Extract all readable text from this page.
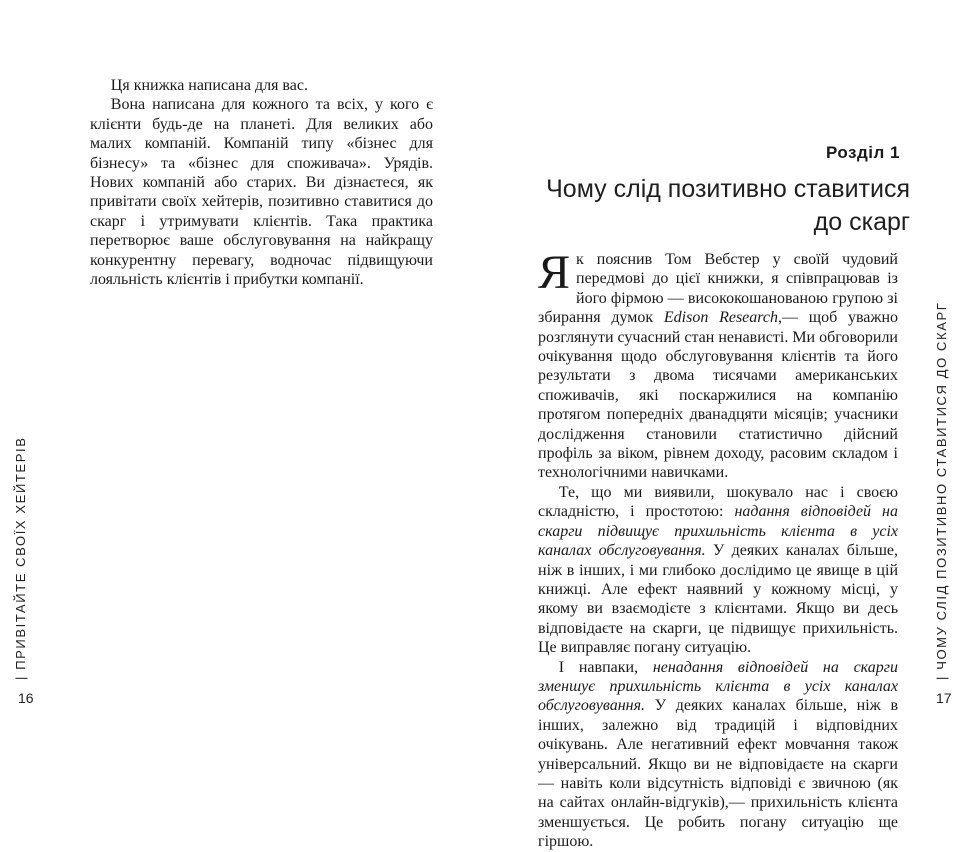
Ця книжка написана для вас.

Вона написана для кожного та всіх, у кого є клієнти будь-де на планеті. Для великих або малих компаній. Компаній типу «бізнес для бізнесу» та «бізнес для споживача». Урядів. Нових компаній або старих. Ви дізнаєтеся, як привітати своїх хейтерів, позитивно ставитися до скарг і утримувати клієнтів. Така практика перетворює ваше обслуговування на найкращу конкурентну перевагу, водночас підвищуючи лояльність клієнтів і прибутки компанії.

| ПРИВІТАЙТЕ СВОЇХ ХЕЙТЕРІВ
16
Розділ 1
Чому слід позитивно ставитися до скарг

Як пояснив Том Вебстер у своїй чудовий передмові до цієї книжки, я співпрацював із його фірмою — висококошанованою групою зі збирання думок Edison Research,— щоб уважно розглянути сучасний стан ненависті. Ми обговорили очікування щодо обслуговування клієнтів та його результати з двома тисячами американських споживачів, які поскаржилися на компанію протягом попередніх дванадцяти місяців; учасники дослідження становили статистично дійсний профіль за віком, рівнем доходу, расовим складом і технологічними навичками.

Те, що ми виявили, шокувало нас і своєю складністю, і простотою: надання відповідей на скарги підвищує прихильність клієнта в усіх каналах обслуговування. У деяких каналах більше, ніж в інших, і ми глибоко дослідимо це явище в цій книжці. Але ефект наявний у кожному місці, у якому ви взаємодієте з клієнтами. Якщо ви десь відповідаєте на скарги, це підвищує прихильність. Це виправляє погану ситуацію.

І навпаки, ненадання відповідей на скарги зменшує прихильність клієнта в усіх каналах обслуговування. У деяких каналах більше, ніж в інших, залежно від традицій і відповідних очікувань. Але негативний ефект мовчання також універсальний. Якщо ви не відповідаєте на скарги — навіть коли відсутність відповіді є звичною (як на сайтах онлайн-відгуків),— прихильність клієнта зменшується. Це робить погану ситуацію ще гіршою.

| ЧОМУ СЛІД ПОЗИТИВНО СТАВИТИСЯ ДО СКАРГ
17
